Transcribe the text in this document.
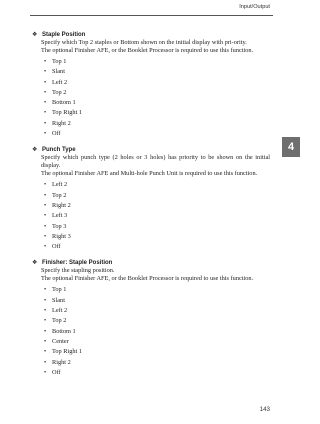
Input/Output
4
❖ Staple Position

Specify which Top 2 staples or Bottom shown on the initial display with pri-ority.

The optional Finisher AFE, or the Booklet Processor is required to use this function.

• Top 1
• Slant
• Left 2
• Top 2
• Bottom 1
• Top Right 1
• Right 2
• Off
❖ Punch Type

Specify which punch type (2 holes or 3 holes) has priority to be shown on the initial display.

The optional Finisher AFE and Multi-hole Punch Unit is required to use this function.

• Left 2
• Top 2
• Right 2
• Left 3
• Top 3
• Right 3
• Off
❖ Finisher: Staple Position

Specify the stapling position.

The optional Finisher AFE, or the Booklet Processor is required to use this function.

• Top 1
• Slant
• Left 2
• Top 2
• Bottom 1
• Center
• Top Right 1
• Right 2
• Off
143
